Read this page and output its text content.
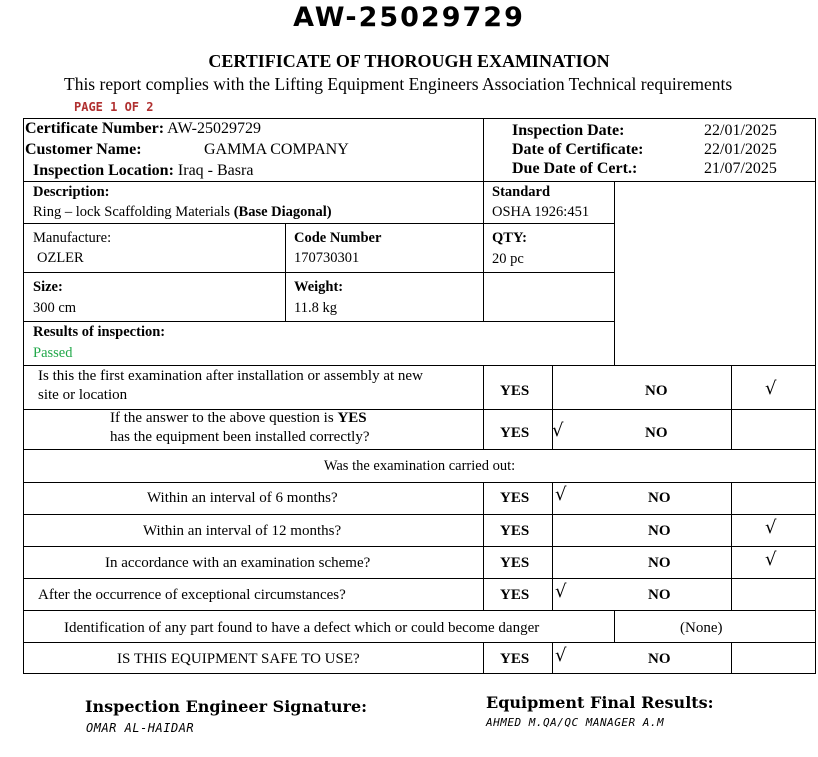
AW-25029729
CERTIFICATE OF THOROUGH EXAMINATION
This report complies with the Lifting Equipment Engineers Association Technical requirements
PAGE 1 OF 2
Certificate Number: AW-25029729
Customer Name:	GAMMA COMPANY
Inspection Location: Iraq - Basra
Inspection Date:	22/01/2025
Date of Certificate:	22/01/2025
Due Date of Cert.:	21/07/2025
Description:
Ring – lock Scaffolding Materials (Base Diagonal)
Standard
OSHA 1926:451
Manufacture:
OZLER
Code Number
170730301
QTY:
20 pc
Size:
300 cm
Weight:
11.8 kg
Results of inspection:
Passed
Is this the first examination after installation or assembly at new
site or location	YES	NO	√
If the answer to the above question is YES
has the equipment been installed correctly?	YES √	NO
Was the examination carried out:
Within an interval of 6 months?	YES √	NO
Within an interval of 12 months?	YES	NO	√
In accordance with an examination scheme?	YES	NO	√
After the occurrence of exceptional circumstances?	YES √	NO
Identification of any part found to have a defect which or could become danger	(None)
IS THIS EQUIPMENT SAFE TO USE?	YES √	NO
Inspection Engineer Signature:
OMAR AL-HAIDAR
Equipment Final Results:
AHMED M.QA/QC MANAGER A.M
